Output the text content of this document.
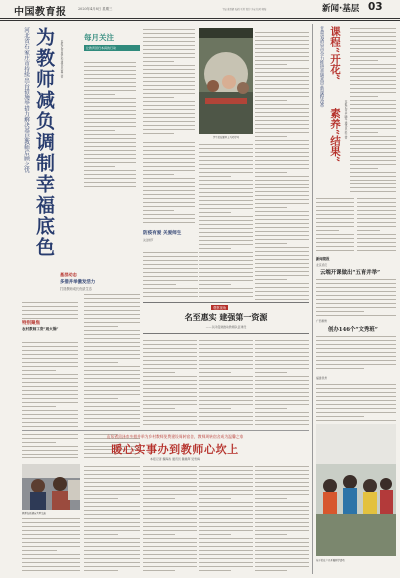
中国教育报	2020年4月8日 星期三	主编:张显峰 编辑:王珍 设计:李宏 校对:刘梅	新闻·基层 03
河北省石家庄市持续出台措施举措力解决基层教师后顾之忧 为教师减负调制幸福底色	本报记者 周洪松 通讯员 董兰香
每月关注
让教育回归本真的行动
学生们在课堂上互动学习
防疫有爱 关爱师生
关注细节
基层动态
多措并举激发活力
打造教师成长优质生态
特别聚焦
农村教师工资“周火锅”
观察视角
名至惠实 建强第一资源
——以评促建推动教师队伍建设
山东省菏泽市多措并举为乡村教师免费建设周转宿舍，教师周转宿舍成为温馨之家
暖心实事办到教师心坎上
本报记者 魏海政 通讯员 魏晨辉 吴雪梅
教师在新建宿舍里交流
甘肃省酒泉市全力推进普通高中新课程改革 课程“开花”
素养“结果” 本报记者 尹晓军 通讯员 赵兰香
新闻简报
北京延庆
云端开课做出“五育并举”
广西柳州
创办146个“文秀班”
福建泉州
孩子们在户外开展研学活动
